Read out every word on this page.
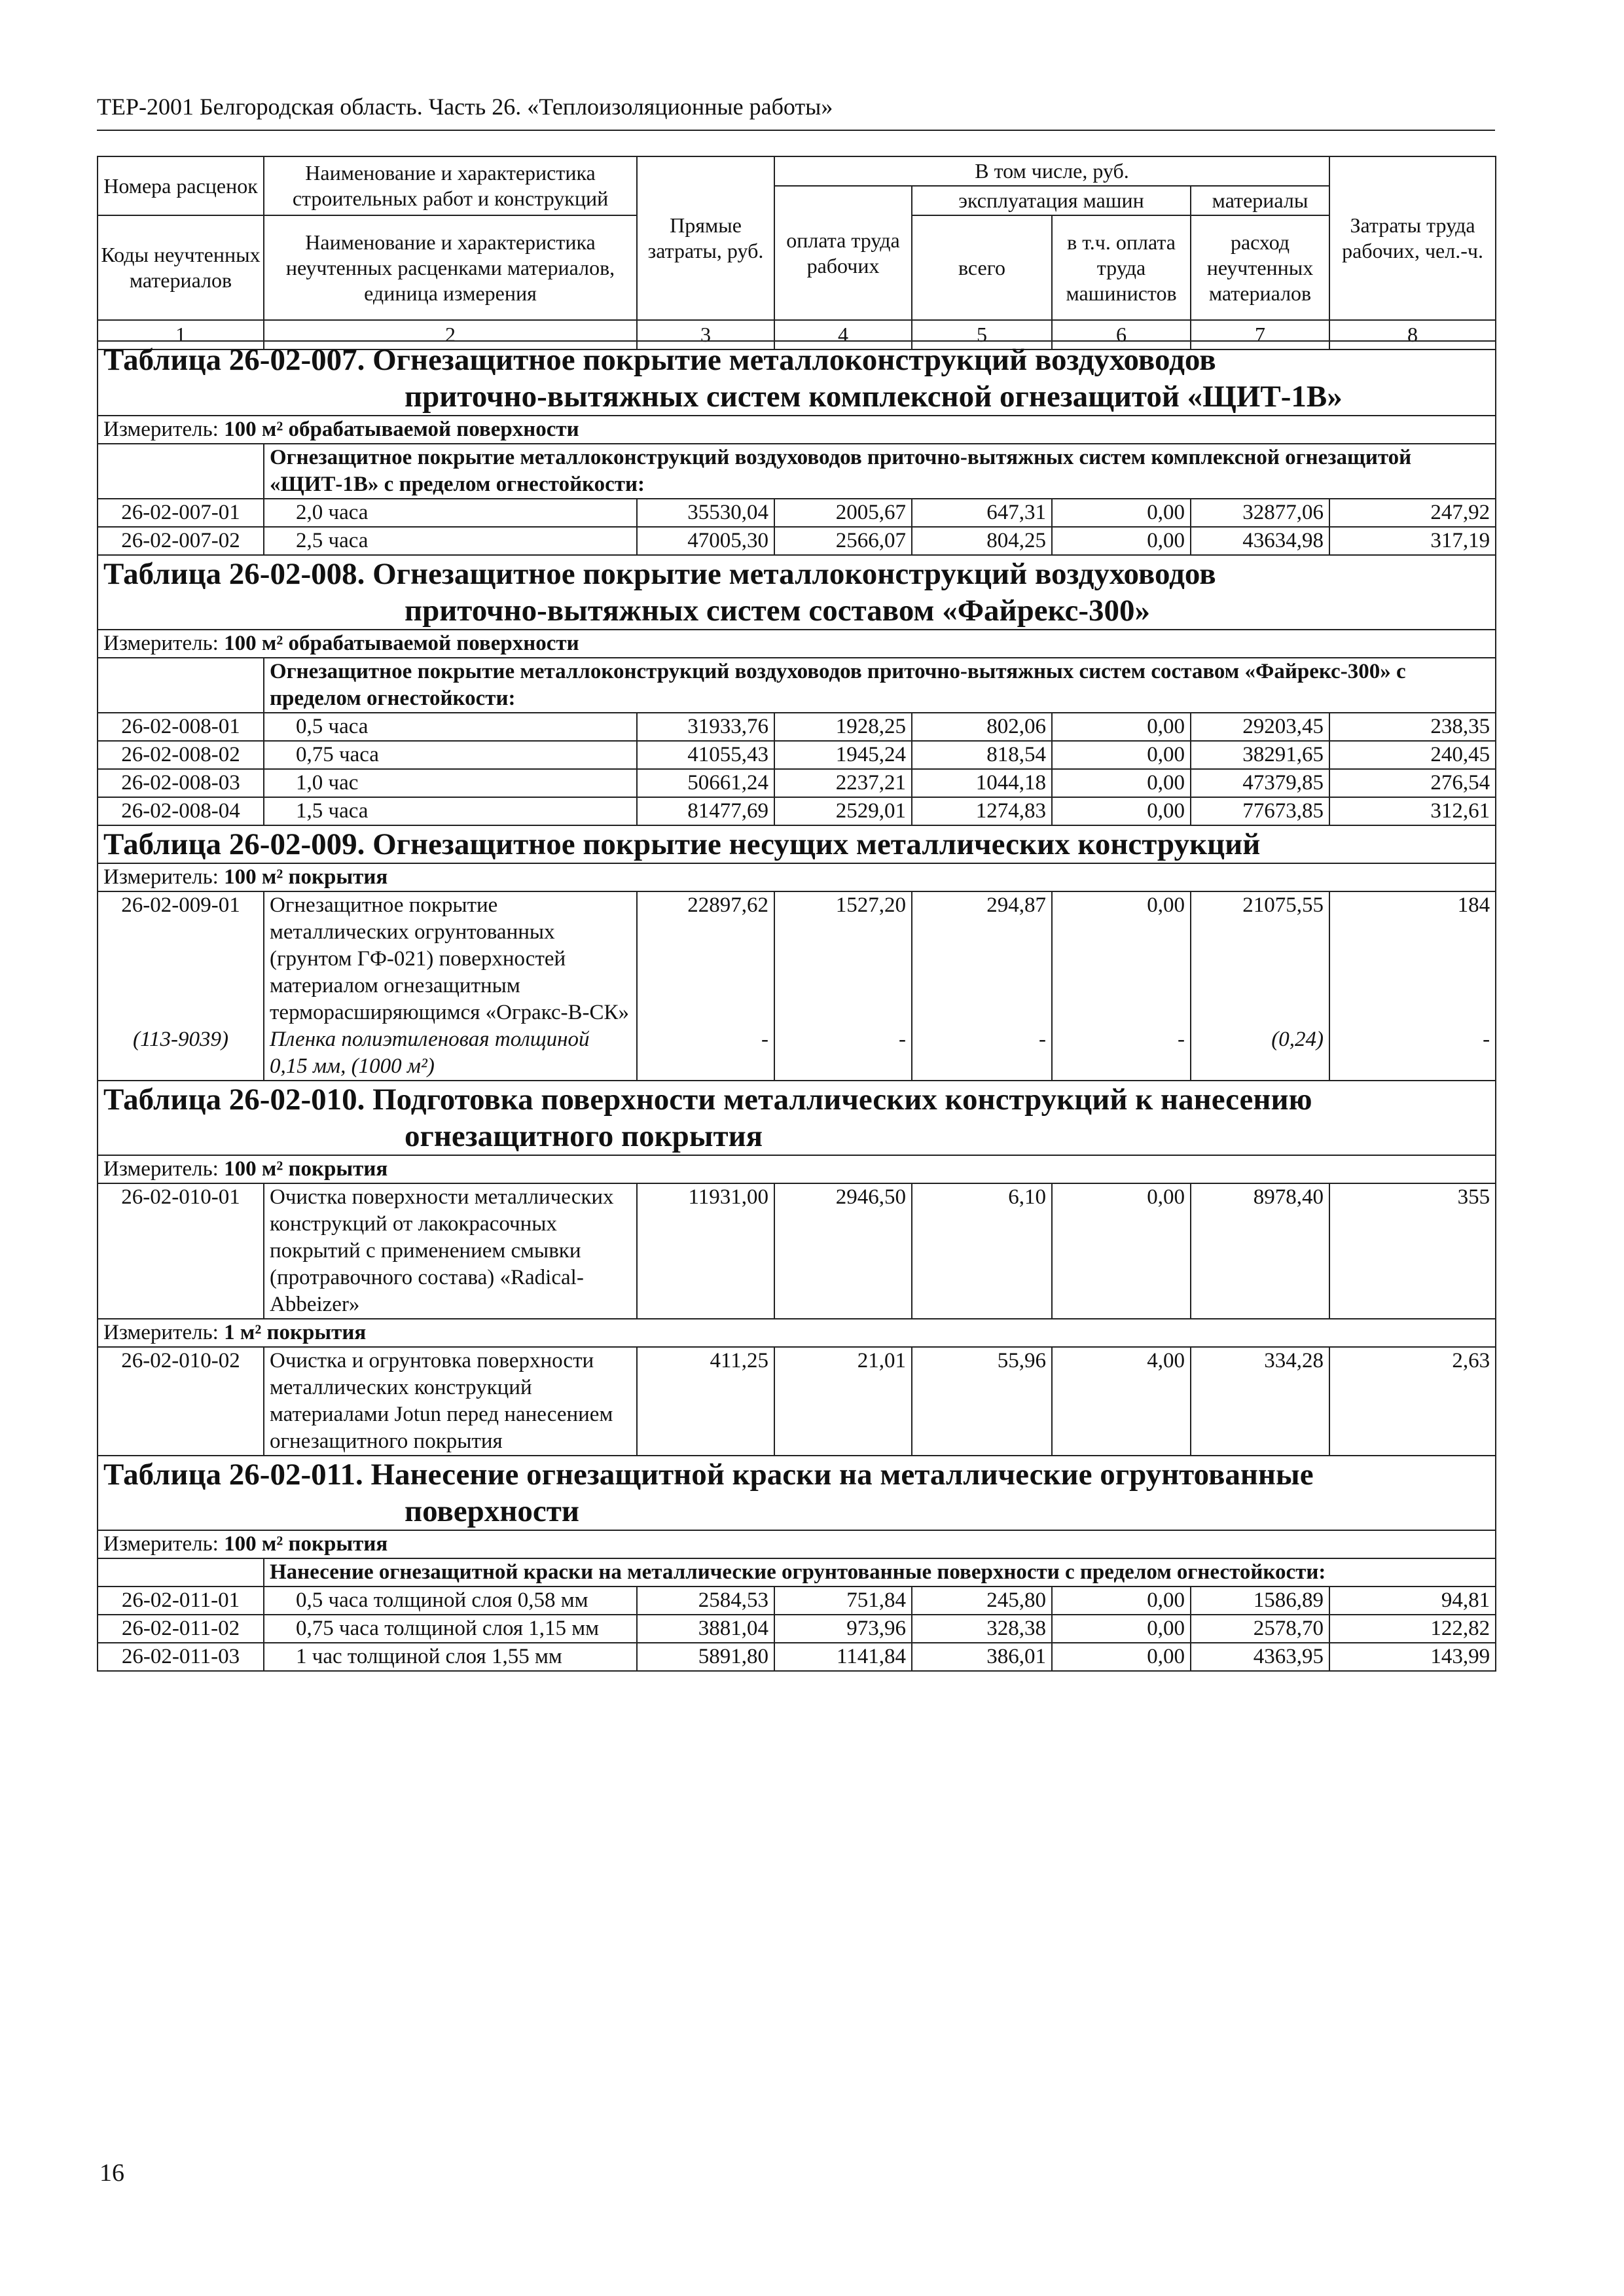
ТЕР-2001 Белгородская область. Часть 26. «Теплоизоляционные работы»
Номера расценок	Наименование и характеристика строительных работ и конструкций	Прямые затраты, руб.	В том числе, руб.				Затраты труда рабочих, чел.-ч.
			оплата труда рабочих	эксплуатация машин		материалы	
Коды неучтенных материалов	Наименование и характеристика неучтенных расценками материалов, единица измерения			всего	в т.ч. оплата труда машинистов	расход неучтенных материалов	

1	2	3	4	5	6	7	8
Таблица 26-02-007. Огнезащитное покрытие металлоконструкций воздуховодов
приточно-вытяжных систем комплексной огнезащитой «ЩИТ-1В»							

Измеритель: 100 м² обрабатываемой поверхности							
	Огнезащитное покрытие металлоконструкций воздуховодов приточно-вытяжных систем комплексной огнезащитой «ЩИТ-1В» с пределом огнестойкости:						
26-02-007-01	2,0 часа	35530,04	2005,67	647,31	0,00	32877,06	247,92
26-02-007-02	2,5 часа	47005,30	2566,07	804,25	0,00	43634,98	317,19

Таблица 26-02-008. Огнезащитное покрытие металлоконструкций воздуховодов
приточно-вытяжных систем составом «Файрекс-300»							

Измеритель: 100 м² обрабатываемой поверхности							
	Огнезащитное покрытие металлоконструкций воздуховодов приточно-вытяжных систем составом «Файрекс-300» с пределом огнестойкости:						
26-02-008-01	0,5 часа	31933,76	1928,25	802,06	0,00	29203,45	238,35
26-02-008-02	0,75 часа	41055,43	1945,24	818,54	0,00	38291,65	240,45
26-02-008-03	1,0 час	50661,24	2237,21	1044,18	0,00	47379,85	276,54
26-02-008-04	1,5 часа	81477,69	2529,01	1274,83	0,00	77673,85	312,61

Таблица 26-02-009. Огнезащитное покрытие несущих металлических конструкций							

Измеритель: 100 м² покрытия							
26-02-009-01	Огнезащитное покрытие металлических огрунтованных (грунтом ГФ-021) поверхностей материалом огнезащитным терморасширяющимся «Огракс-В-СК»	22897,62	1527,20	294,87	0,00	21075,55	184
(113-9039)	Пленка полиэтиленовая толщиной 0,15 мм, (1000 м²)	-	-	-	-	(0,24)	-

Таблица 26-02-010. Подготовка поверхности металлических конструкций к нанесению
огнезащитного покрытия							

Измеритель: 100 м² покрытия							
26-02-010-01	Очистка поверхности металлических конструкций от лакокрасочных покрытий с применением смывки (протравочного состава) «Radical-Abbeizer»	11931,00	2946,50	6,10	0,00	8978,40	355
Измеритель: 1 м² покрытия							
26-02-010-02	Очистка и огрунтовка поверхности металлических конструкций материалами Jotun перед нанесением огнезащитного покрытия	411,25	21,01	55,96	4,00	334,28	2,63

Таблица 26-02-011. Нанесение огнезащитной краски на металлические огрунтованные
поверхности							

Измеритель: 100 м² покрытия							
	Нанесение огнезащитной краски на металлические огрунтованные поверхности с пределом огнестойкости:						
26-02-011-01	0,5 часа толщиной слоя 0,58 мм	2584,53	751,84	245,80	0,00	1586,89	94,81
26-02-011-02	0,75 часа толщиной слоя 1,15 мм	3881,04	973,96	328,38	0,00	2578,70	122,82
26-02-011-03	1 час толщиной слоя 1,55 мм	5891,80	1141,84	386,01	0,00	4363,95	143,99
16
